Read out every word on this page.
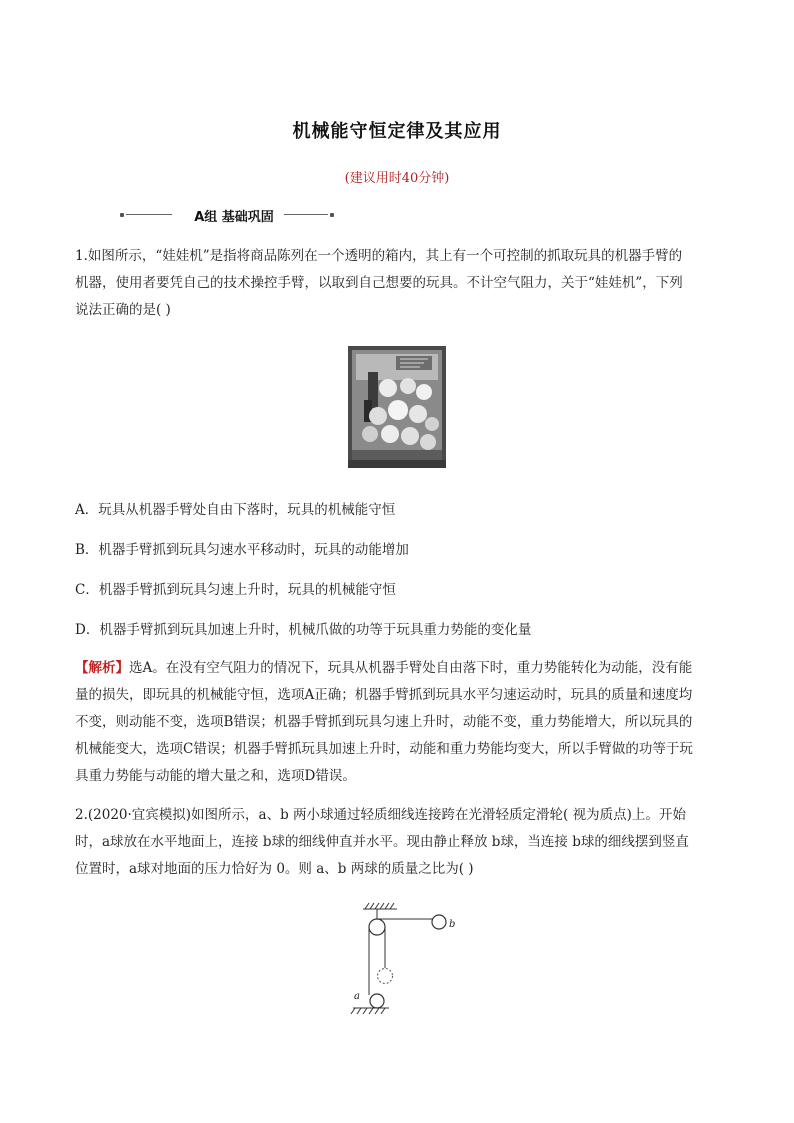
机械能守恒定律及其应用
(建议用时40分钟)
A组 基础巩固

1.如图所示，“娃娃机”是指将商品陈列在一个透明的箱内，其上有一个可控制的抓取玩具的机器手臂的
机器，使用者要凭自己的技术操控手臂，以取到自己想要的玩具。不计空气阻力，关于“娃娃机”，下列
说法正确的是( )

A．玩具从机器手臂处自由下落时，玩具的机械能守恒
B．机器手臂抓到玩具匀速水平移动时，玩具的动能增加
C．机器手臂抓到玩具匀速上升时，玩具的机械能守恒
D．机器手臂抓到玩具加速上升时，机械爪做的功等于玩具重力势能的变化量

【解析】选A。在没有空气阻力的情况下，玩具从机器手臂处自由落下时，重力势能转化为动能，没有能
量的损失，即玩具的机械能守恒，选项A正确；机器手臂抓到玩具水平匀速运动时，玩具的质量和速度均
不变，则动能不变，选项B错误；机器手臂抓到玩具匀速上升时，动能不变，重力势能增大，所以玩具的
机械能变大，选项C错误；机器手臂抓玩具加速上升时，动能和重力势能均变大，所以手臂做的功等于玩
具重力势能与动能的增大量之和，选项D错误。

2.(2020·宜宾模拟)如图所示，a、b 两小球通过轻质细线连接跨在光滑轻质定滑轮( 视为质点)上。开始
时，a球放在水平地面上，连接 b球的细线伸直并水平。现由静止释放 b球，当连接 b球的细线摆到竖直
位置时，a球对地面的压力恰好为 0。则 a、b 两球的质量之比为( )

b
a
